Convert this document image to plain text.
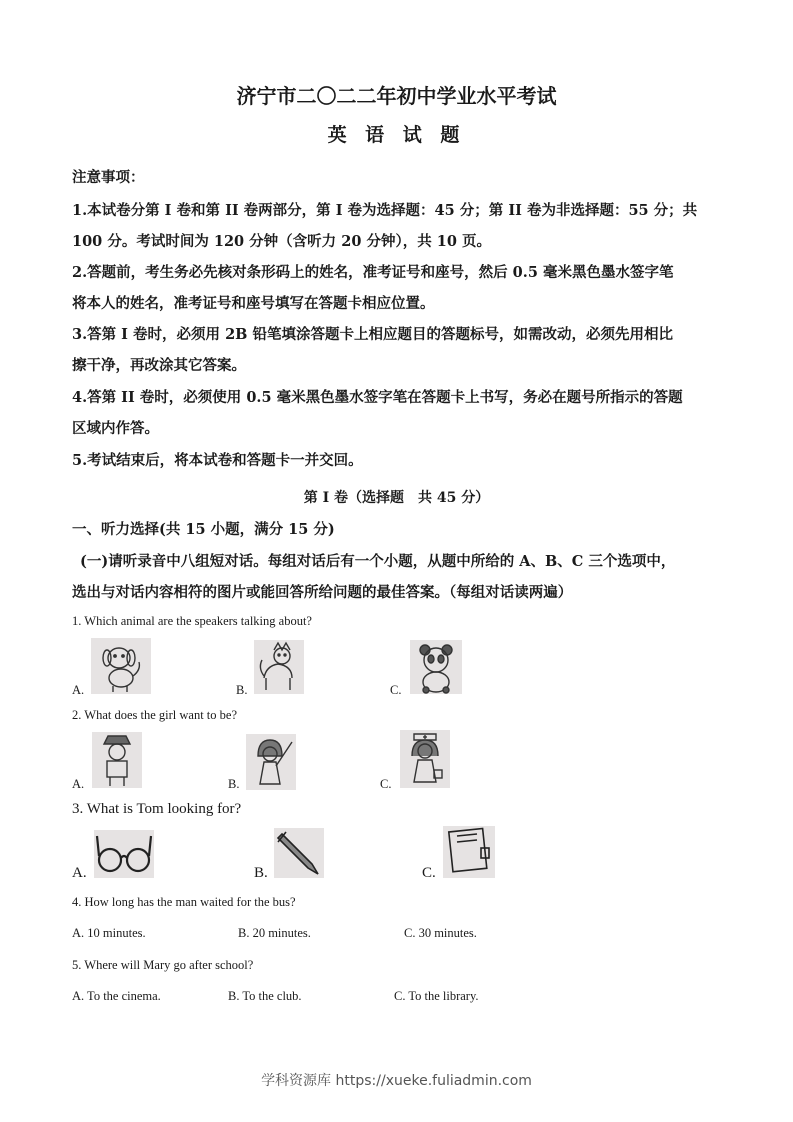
济宁市二〇二二年初中学业水平考试
英 语 试 题
注意事项：
1.本试卷分第 I 卷和第 II 卷两部分，第 I 卷为选择题：45 分；第 II 卷为非选择题：55 分；共
100 分。考试时间为 120 分钟（含听力 20 分钟），共 10 页。
2.答题前，考生务必先核对条形码上的姓名，准考证号和座号，然后 0.5 毫米黑色墨水签字笔
将本人的姓名，准考证号和座号填写在答题卡相应位置。
3.答第 I 卷时，必须用 2B 铅笔填涂答题卡上相应题目的答题标号，如需改动，必须先用相比
擦干净，再改涂其它答案。
4.答第 II 卷时，必须使用 0.5 毫米黑色墨水签字笔在答题卡上书写，务必在题号所指示的答题
区域内作答。
5.考试结束后，将本试卷和答题卡一并交回。
第 I 卷（选择题　共 45 分）
一、听力选择(共 15 小题，满分 15 分)
(一)请听录音中八组短对话。每组对话后有一个小题，从题中所给的 A、B、C 三个选项中，
选出与对话内容相符的图片或能回答所给问题的最佳答案。（每组对话读两遍）
1. Which animal are the speakers talking about?
A.	B.	C.
2. What does the girl want to be?
A.	B.	C.
3. What is Tom looking for?
A.	B.	C.
4. How long has the man waited for the bus?
A. 10 minutes.	B. 20 minutes.	C. 30 minutes.
5. Where will Mary go after school?
A. To the cinema.	B. To the club.	C. To the library.
学科资源库 https://xueke.fuliadmin.com
